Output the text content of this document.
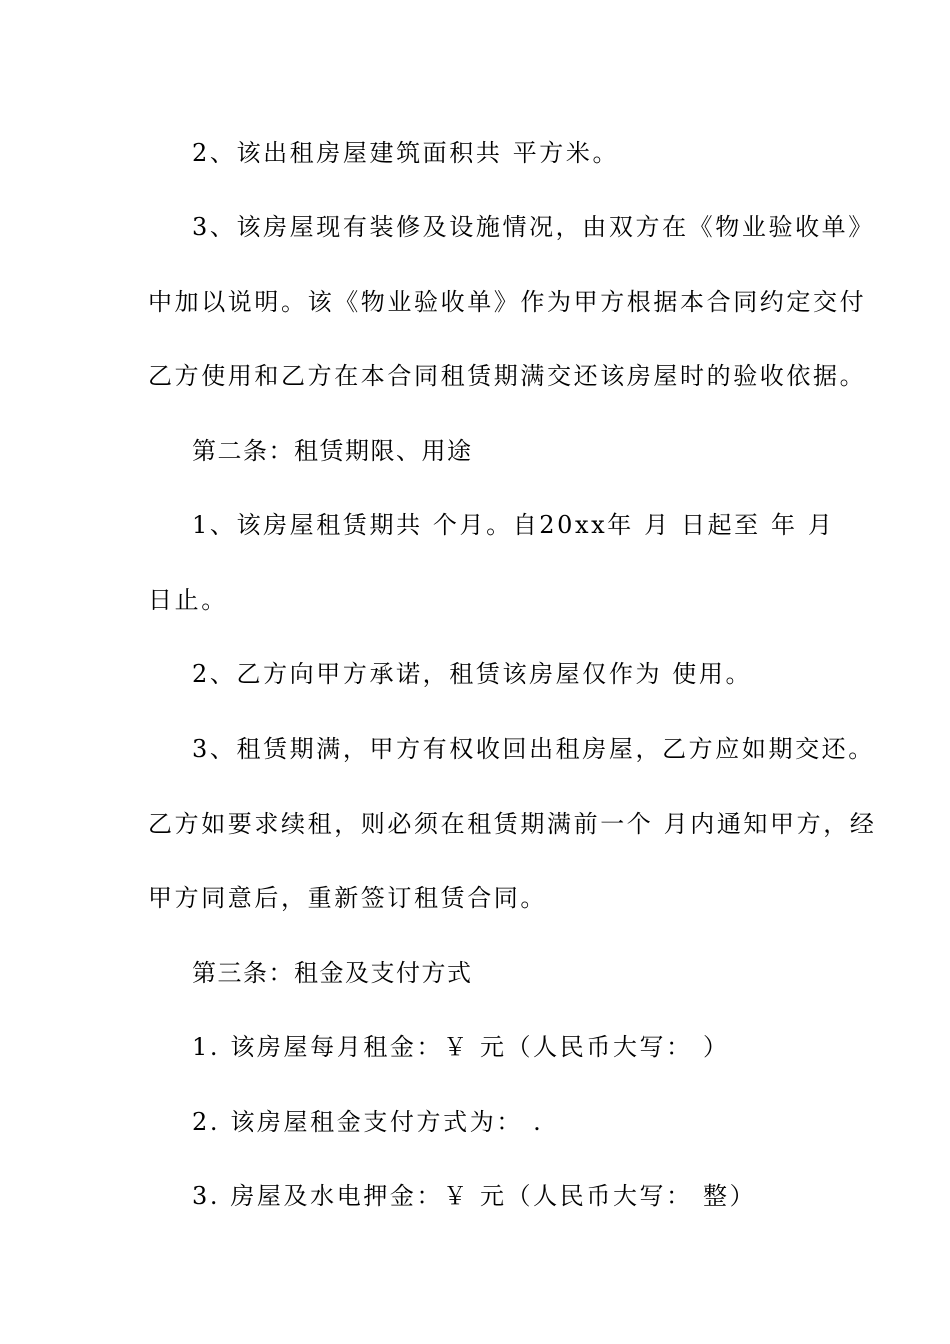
2、该出租房屋建筑面积共 平方米。
3、该房屋现有装修及设施情况，由双方在《物业验收单》
中加以说明。该《物业验收单》作为甲方根据本合同约定交付
乙方使用和乙方在本合同租赁期满交还该房屋时的验收依据。
第二条：租赁期限、用途
1、该房屋租赁期共 个月。自20xx年 月 日起至 年 月
日止。
2、乙方向甲方承诺，租赁该房屋仅作为 使用。
3、租赁期满，甲方有权收回出租房屋，乙方应如期交还。
乙方如要求续租，则必须在租赁期满前一个 月内通知甲方，经
甲方同意后，重新签订租赁合同。
第三条：租金及支付方式
1. 该房屋每月租金：￥ 元（人民币大写： ）
2. 该房屋租金支付方式为： .
3. 房屋及水电押金：￥ 元（人民币大写： 整）
